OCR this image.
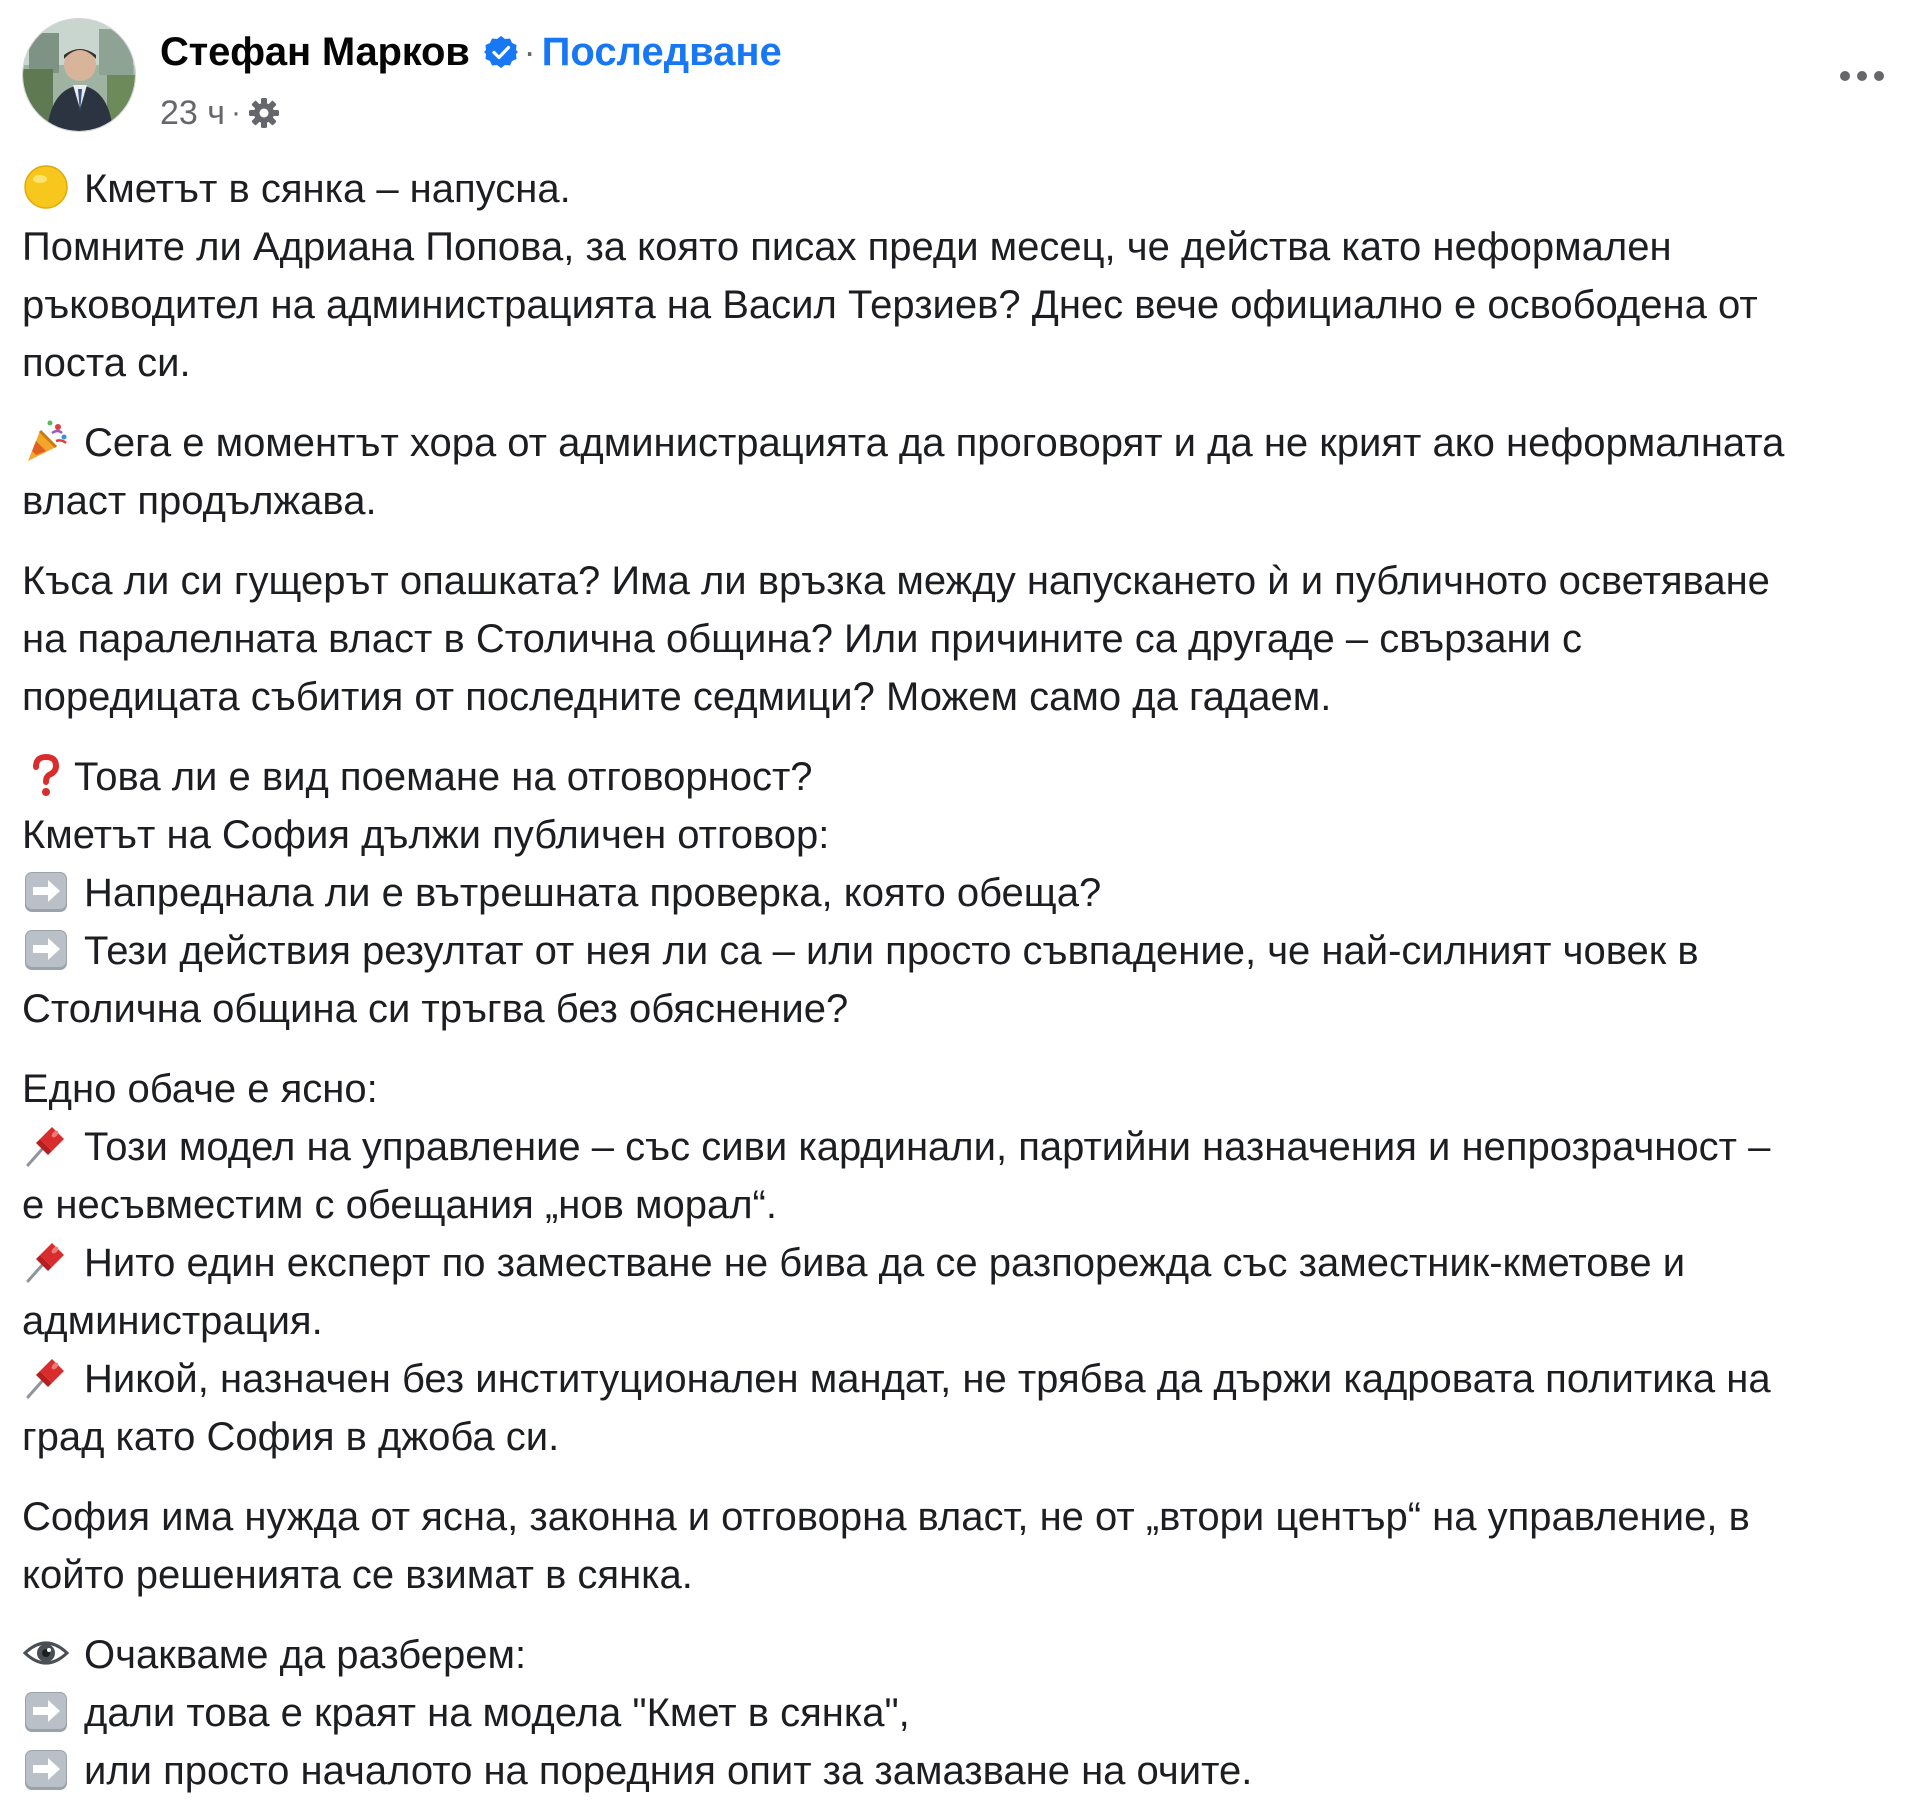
Стефан Марков · Последване
23 ч ·
Кметът в сянка – напусна.
Помните ли Адриана Попова, за която писах преди месец, че действа като неформален
ръководител на администрацията на Васил Терзиев? Днес вече официално е освободена от
поста си.
Сега е моментът хора от администрацията да проговорят и да не крият ако неформалната
власт продължава.
Къса ли си гущерът опашката? Има ли връзка между напускането ѝ и публичното осветяване
на паралелната власт в Столична община? Или причините са другаде – свързани с
поредицата събития от последните седмици? Можем само да гадаем.
Това ли е вид поемане на отговорност?
Кметът на София дължи публичен отговор:
Напреднала ли е вътрешната проверка, която обеща?
Тези действия резултат от нея ли са – или просто съвпадение, че най-силният човек в
Столична община си тръгва без обяснение?
Едно обаче е ясно:
Този модел на управление – със сиви кардинали, партийни назначения и непрозрачност –
е несъвместим с обещания „нов морал“.
Нито един експерт по заместване не бива да се разпорежда със заместник-кметове и
администрация.
Никой, назначен без институционален мандат, не трябва да държи кадровата политика на
град като София в джоба си.
София има нужда от ясна, законна и отговорна власт, не от „втори център“ на управление, в
който решенията се взимат в сянка.
Очакваме да разберем:
дали това е краят на модела "Кмет в сянка",
или просто началото на поредния опит за замазване на очите.
